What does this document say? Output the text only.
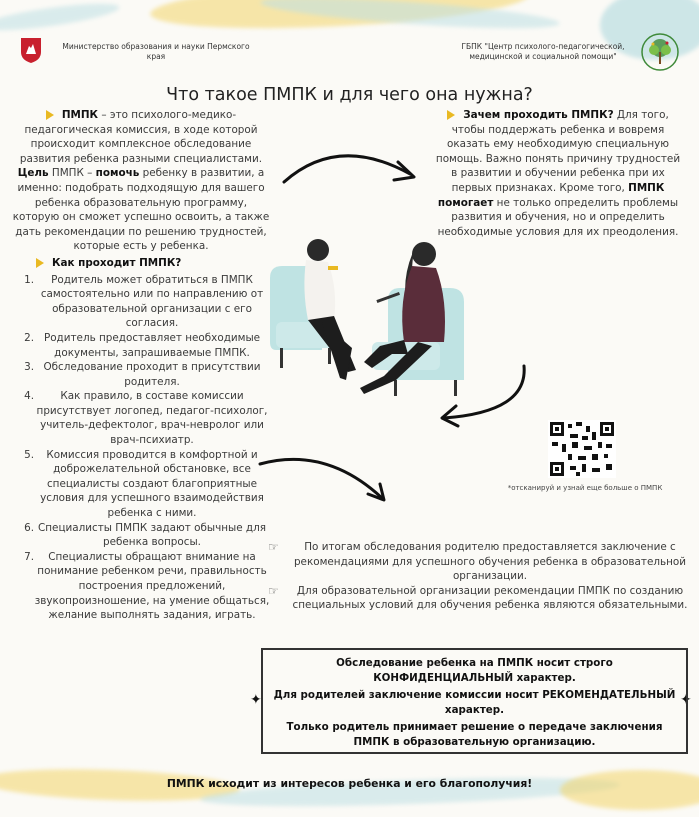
Министерство образования и науки Пермского края
ГБПК "Центр психолого-педагогической, медицинской и социальной помощи"
Что такое ПМПК и для чего она нужна?

ПМПК – это психолого-медико-педагогическая комиссия, в ходе которой происходит комплексное обследование развития ребенка разными специалистами.

Цель ПМПК – помочь ребенку в развитии, а именно: подобрать подходящую для вашего ребенка образовательную программу, которую он сможет успешно освоить, а также дать рекомендации по решению трудностей, которые есть у ребенка.

Как проходит ПМПК?

1.	Родитель может обратиться в ПМПК самостоятельно или по направлению от образовательной организации с его согласия.
2. Родитель предоставляет необходимые документы, запрашиваемые ПМПК.
3. Обследование проходит в присутствии родителя.
4.	Как правило, в составе комиссии присутствует логопед, педагог-психолог, учитель-дефектолог, врач-невролог или врач-психиатр.
5.	Комиссия проводится в комфортной и доброжелательной обстановке, все специалисты создают благоприятные условия для успешного взаимодействия ребенка с ними.
6. Специалисты ПМПК задают обычные для ребенка вопросы.
7.	Специалисты обращают внимание на понимание ребенком речи, правильность построения предложений, звукопроизношение, на умение общаться, желание выполнять задания, играть.

Зачем проходить ПМПК? Для того, чтобы поддержать ребенка и вовремя оказать ему необходимую специальную помощь. Важно понять причину трудностей в развитии и обучении ребенка при их первых признаках. Кроме того, ПМПК помогает не только определить проблемы развития и обучения, но и определить необходимые условия для их преодоления.

*отсканируй и узнай еще больше о ПМПК
☞	По итогам обследования родителю предоставляется заключение с рекомендациями для успешного обучения ребенка в образовательной организации.
☞	Для образовательной организации рекомендации ПМПК по созданию специальных условий для обучения ребенка являются обязательными.
✦	✦

Обследование ребенка на ПМПК носит строго КОНФИДЕНЦИАЛЬНЫЙ характер.

Для родителей заключение комиссии носит РЕКОМЕНДАТЕЛЬНЫЙ характер.

Только родитель принимает решение о передаче заключения ПМПК в образовательную организацию.

ПМПК исходит из интересов ребенка и его благополучия!
